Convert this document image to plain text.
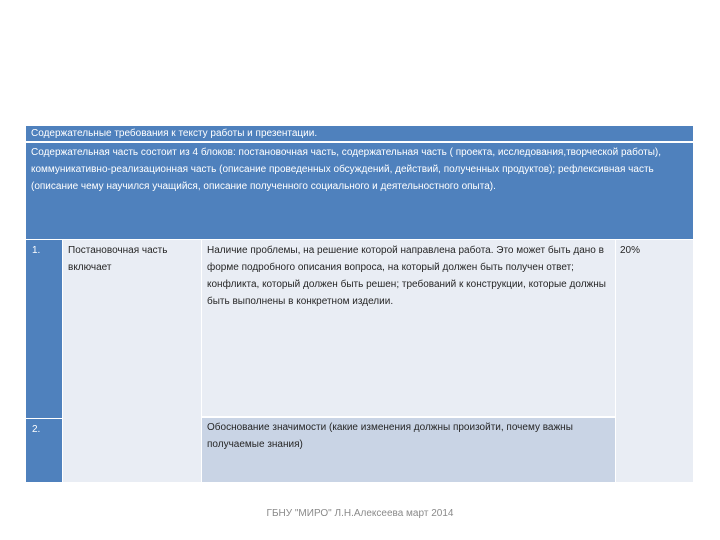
Содержательные требования к тексту работы и презентации.
Содержательная часть состоит из 4 блоков: постановочная часть, содержательная часть ( проекта, исследования,творческой работы), коммуникативно-реализационная часть (описание проведенных обсуждений, действий, полученных продуктов); рефлексивная часть (описание чему научился учащийся, описание полученного социального и деятельностного опыта).
1.
2.
Постановочная часть включает
Наличие проблемы, на решение которой направлена работа. Это может быть дано в форме подробного описания вопроса, на который должен быть получен ответ; конфликта, который должен быть решен; требований к конструкции, которые должны быть выполнены в конкретном изделии.
Обоснование значимости (какие изменения должны произойти, почему важны получаемые знания)
20%
ГБНУ "МИРО" Л.Н.Алексеева март 2014
